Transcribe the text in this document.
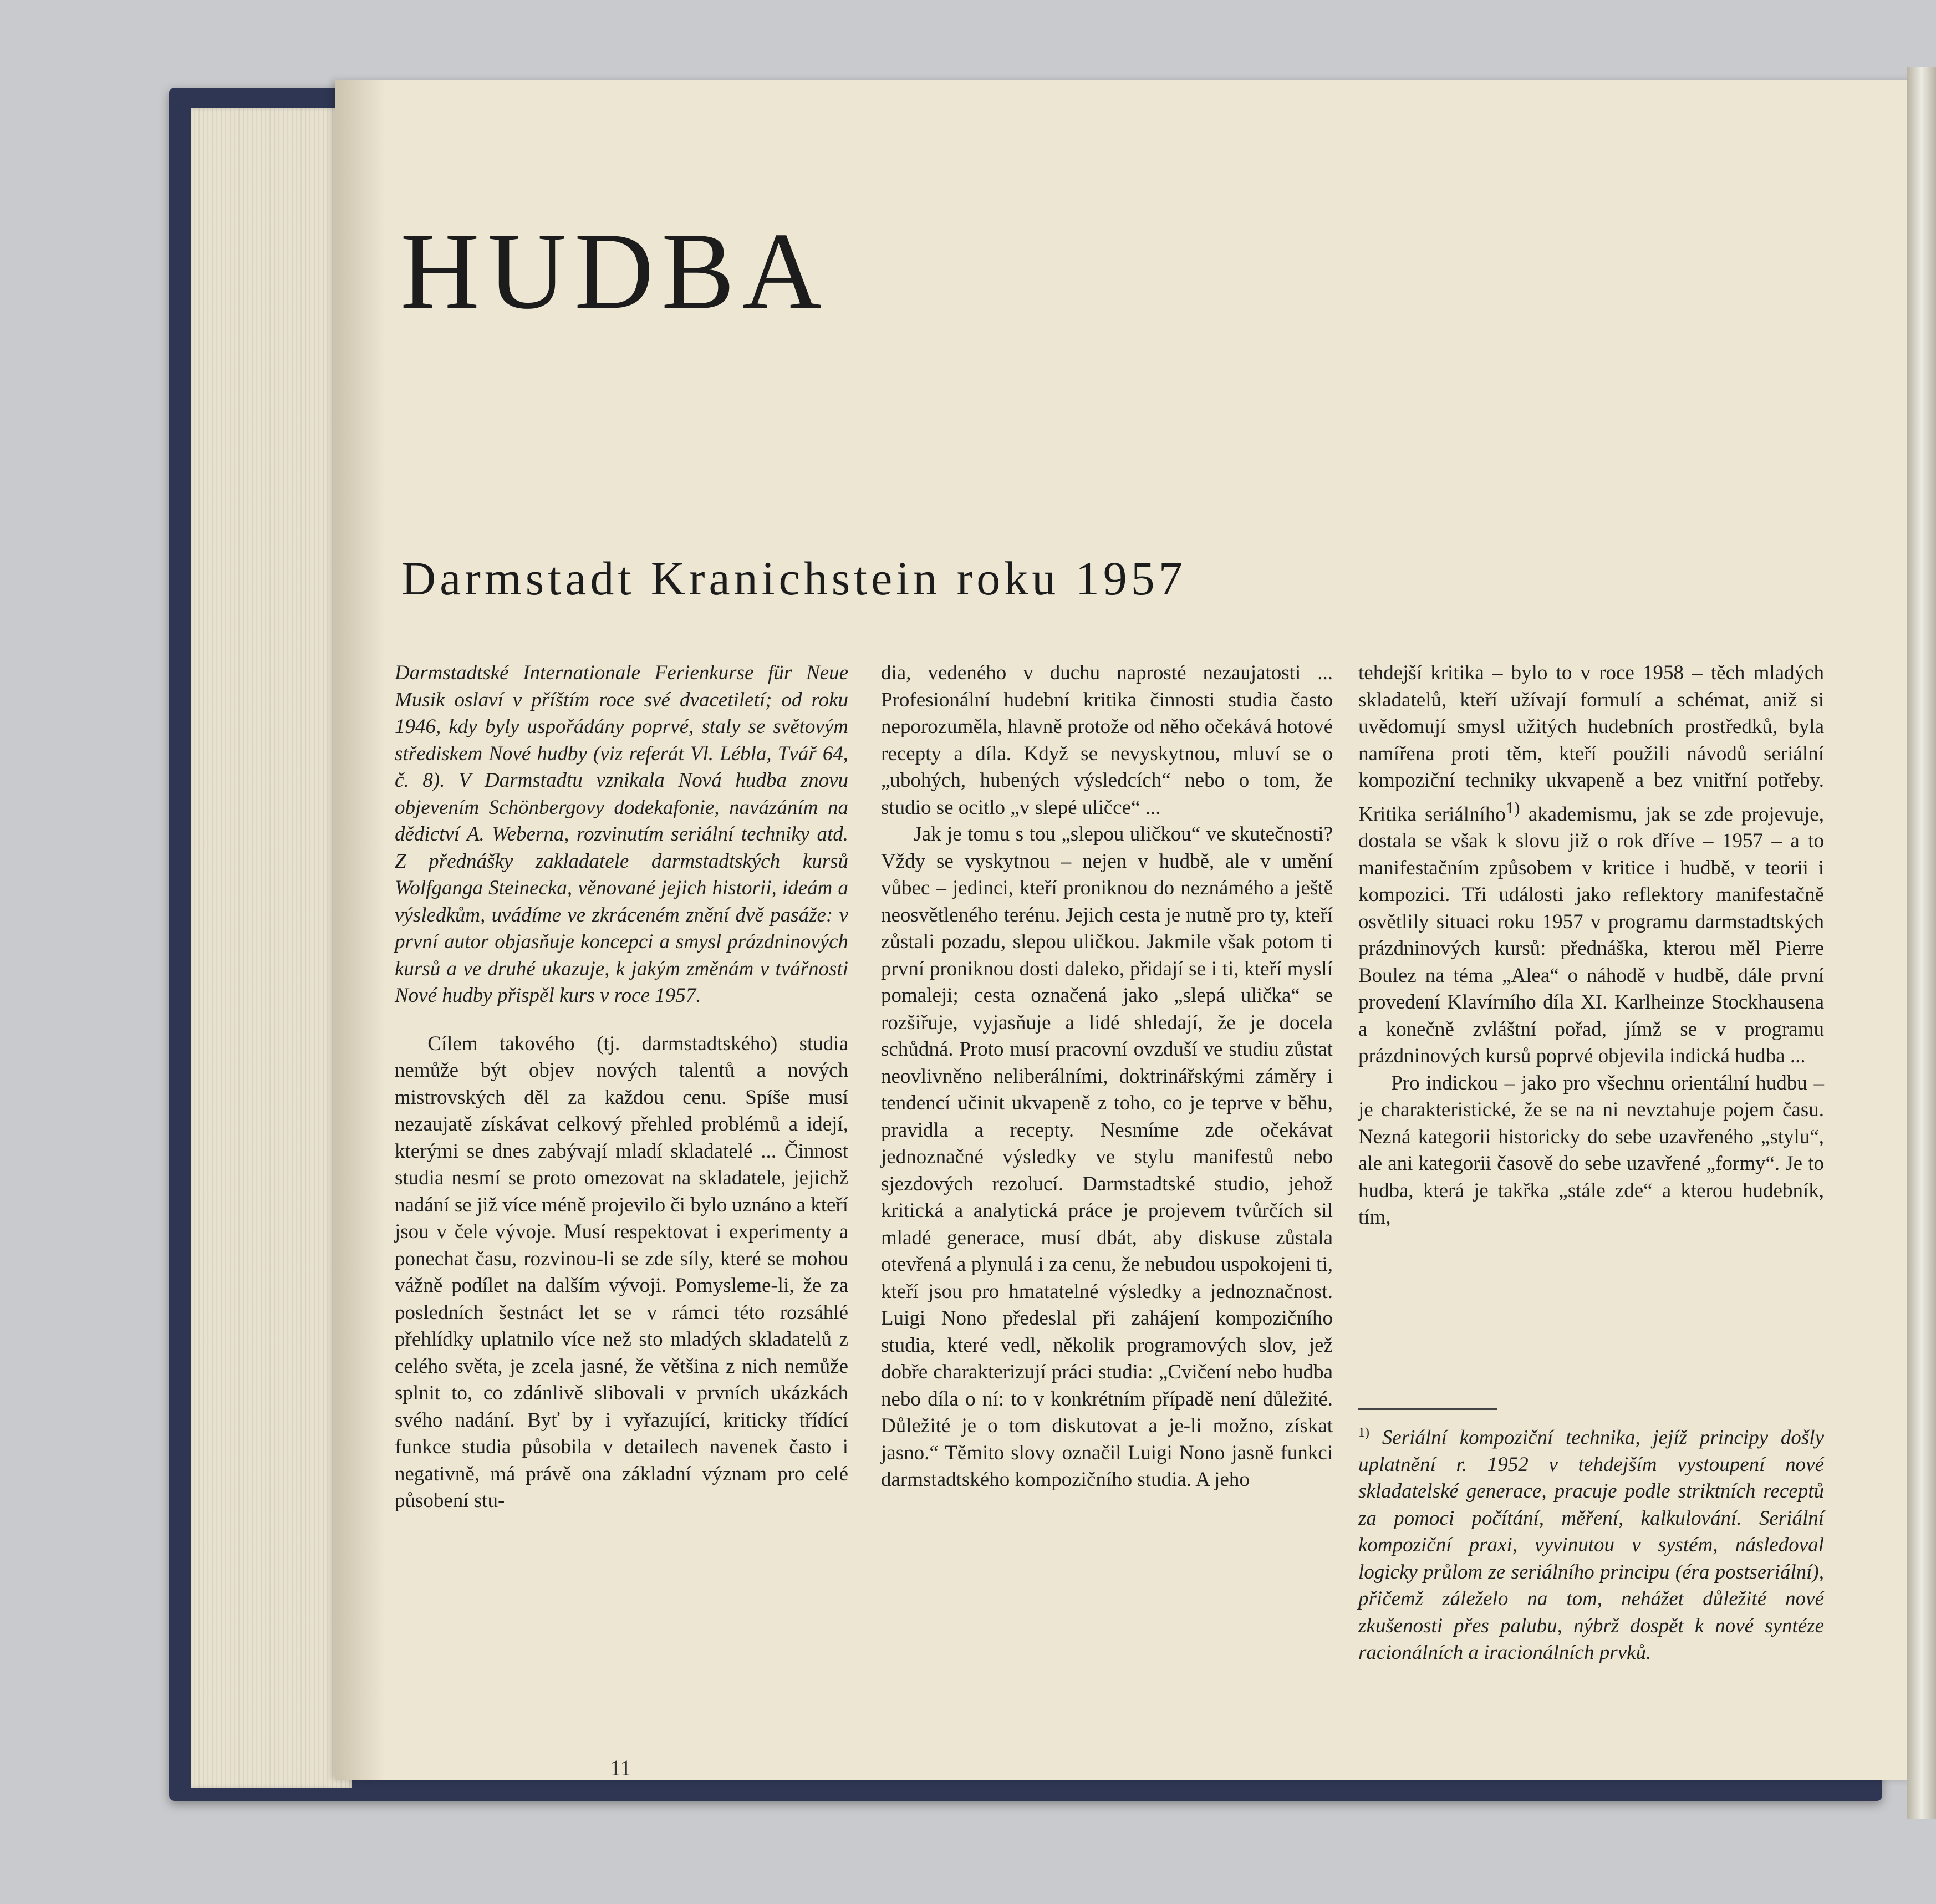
HUDBA
Darmstadt Kranichstein roku 1957

Darmstadtské Internationale Ferienkurse für Neue Musik oslaví v příštím roce své dvacetiletí; od roku 1946, kdy byly uspořádány poprvé, staly se světovým střediskem Nové hudby (viz referát Vl. Lébla, Tvář 64, č. 8). V Darmstadtu vznikala Nová hudba znovu objevením Schönbergovy dodekafonie, navázáním na dědictví A. Weberna, rozvinutím seriální techniky atd. Z přednášky zakladatele darmstadtských kursů Wolfganga Steinecka, věnované jejich historii, ideám a výsledkům, uvádíme ve zkráceném znění dvě pasáže: v první autor objasňuje koncepci a smysl prázdninových kursů a ve druhé ukazuje, k jakým změnám v tvářnosti Nové hudby přispěl kurs v roce 1957.

Cílem takového (tj. darmstadtského) studia nemůže být objev nových talentů a nových mistrovských děl za každou cenu. Spíše musí nezaujatě získávat celkový přehled problémů a idejí, kterými se dnes zabývají mladí skladatelé ... Činnost studia nesmí se proto omezovat na skladatele, jejichž nadání se již více méně projevilo či bylo uznáno a kteří jsou v čele vývoje. Musí respektovat i experimenty a ponechat času, rozvinou-li se zde síly, které se mohou vážně podílet na dalším vývoji. Pomysleme-li, že za posledních šestnáct let se v rámci této rozsáhlé přehlídky uplatnilo více než sto mladých skladatelů z celého světa, je zcela jasné, že většina z nich nemůže splnit to, co zdánlivě slibovali v prvních ukázkách svého nadání. Byť by i vyřazující, kriticky třídící funkce studia působila v detailech navenek často i negativně, má právě ona základní význam pro celé působení stu-

dia, vedeného v duchu naprosté nezaujatosti ... Profesionální hudební kritika činnosti studia často neporozuměla, hlavně protože od něho očekává hotové recepty a díla. Když se nevyskytnou, mluví se o „ubohých, hubených výsledcích“ nebo o tom, že studio se ocitlo „v slepé uličce“ ...

Jak je tomu s tou „slepou uličkou“ ve skutečnosti? Vždy se vyskytnou – nejen v hudbě, ale v umění vůbec – jedinci, kteří proniknou do neznámého a ještě neosvětleného terénu. Jejich cesta je nutně pro ty, kteří zůstali pozadu, slepou uličkou. Jakmile však potom ti první proniknou dosti daleko, přidají se i ti, kteří myslí pomaleji; cesta označená jako „slepá ulička“ se rozšiřuje, vyjasňuje a lidé shledají, že je docela schůdná. Proto musí pracovní ovzduší ve studiu zůstat neovlivněno neliberálními, doktrinářskými záměry i tendencí učinit ukvapeně z toho, co je teprve v běhu, pravidla a recepty. Nesmíme zde očekávat jednoznačné výsledky ve stylu manifestů nebo sjezdových rezolucí. Darmstadtské studio, jehož kritická a analytická práce je projevem tvůrčích sil mladé generace, musí dbát, aby diskuse zůstala otevřená a plynulá i za cenu, že nebudou uspokojeni ti, kteří jsou pro hmatatelné výsledky a jednoznačnost. Luigi Nono předeslal při zahájení kompozičního studia, které vedl, několik programových slov, jež dobře charakterizují práci studia: „Cvičení nebo hudba nebo díla o ní: to v konkrétním případě není důležité. Důležité je o tom diskutovat a je-li možno, získat jasno.“ Těmito slovy označil Luigi Nono jasně funkci darmstadtského kompozičního studia. A jeho

tehdejší kritika – bylo to v roce 1958 – těch mladých skladatelů, kteří užívají formulí a schémat, aniž si uvědomují smysl užitých hudebních prostředků, byla namířena proti těm, kteří použili návodů seriální kompoziční techniky ukvapeně a bez vnitřní potřeby. Kritika seriálního$^{1)}$ akademismu, jak se zde projevuje, dostala se však k slovu již o rok dříve – 1957 – a to manifestačním způsobem v kritice i hudbě, v teorii i kompozici. Tři události jako reflektory manifestačně osvětlily situaci roku 1957 v programu darmstadtských prázdninových kursů: přednáška, kterou měl Pierre Boulez na téma „Alea“ o náhodě v hudbě, dále první provedení Klavírního díla XI. Karlheinze Stockhausena a konečně zvláštní pořad, jímž se v programu prázdninových kursů poprvé objevila indická hudba ...

Pro indickou – jako pro všechnu orientální hudbu – je charakteristické, že se na ni nevztahuje pojem času. Nezná kategorii historicky do sebe uzavřeného „stylu“, ale ani kategorii časově do sebe uzavřené „formy“. Je to hudba, která je takřka „stále zde“ a kterou hudebník, tím,

$^{1)}$ Seriální kompoziční technika, jejíž principy došly uplatnění r. 1952 v tehdejším vystoupení nové skladatelské generace, pracuje podle striktních receptů za pomoci počítání, měření, kalkulování. Seriální kompoziční praxi, vyvinutou v systém, následoval logicky průlom ze seriálního principu (éra postseriální), přičemž záleželo na tom, nehážet důležité nové zkušenosti přes palubu, nýbrž dospět k nové syntéze racionálních a iracionálních prvků.
11
